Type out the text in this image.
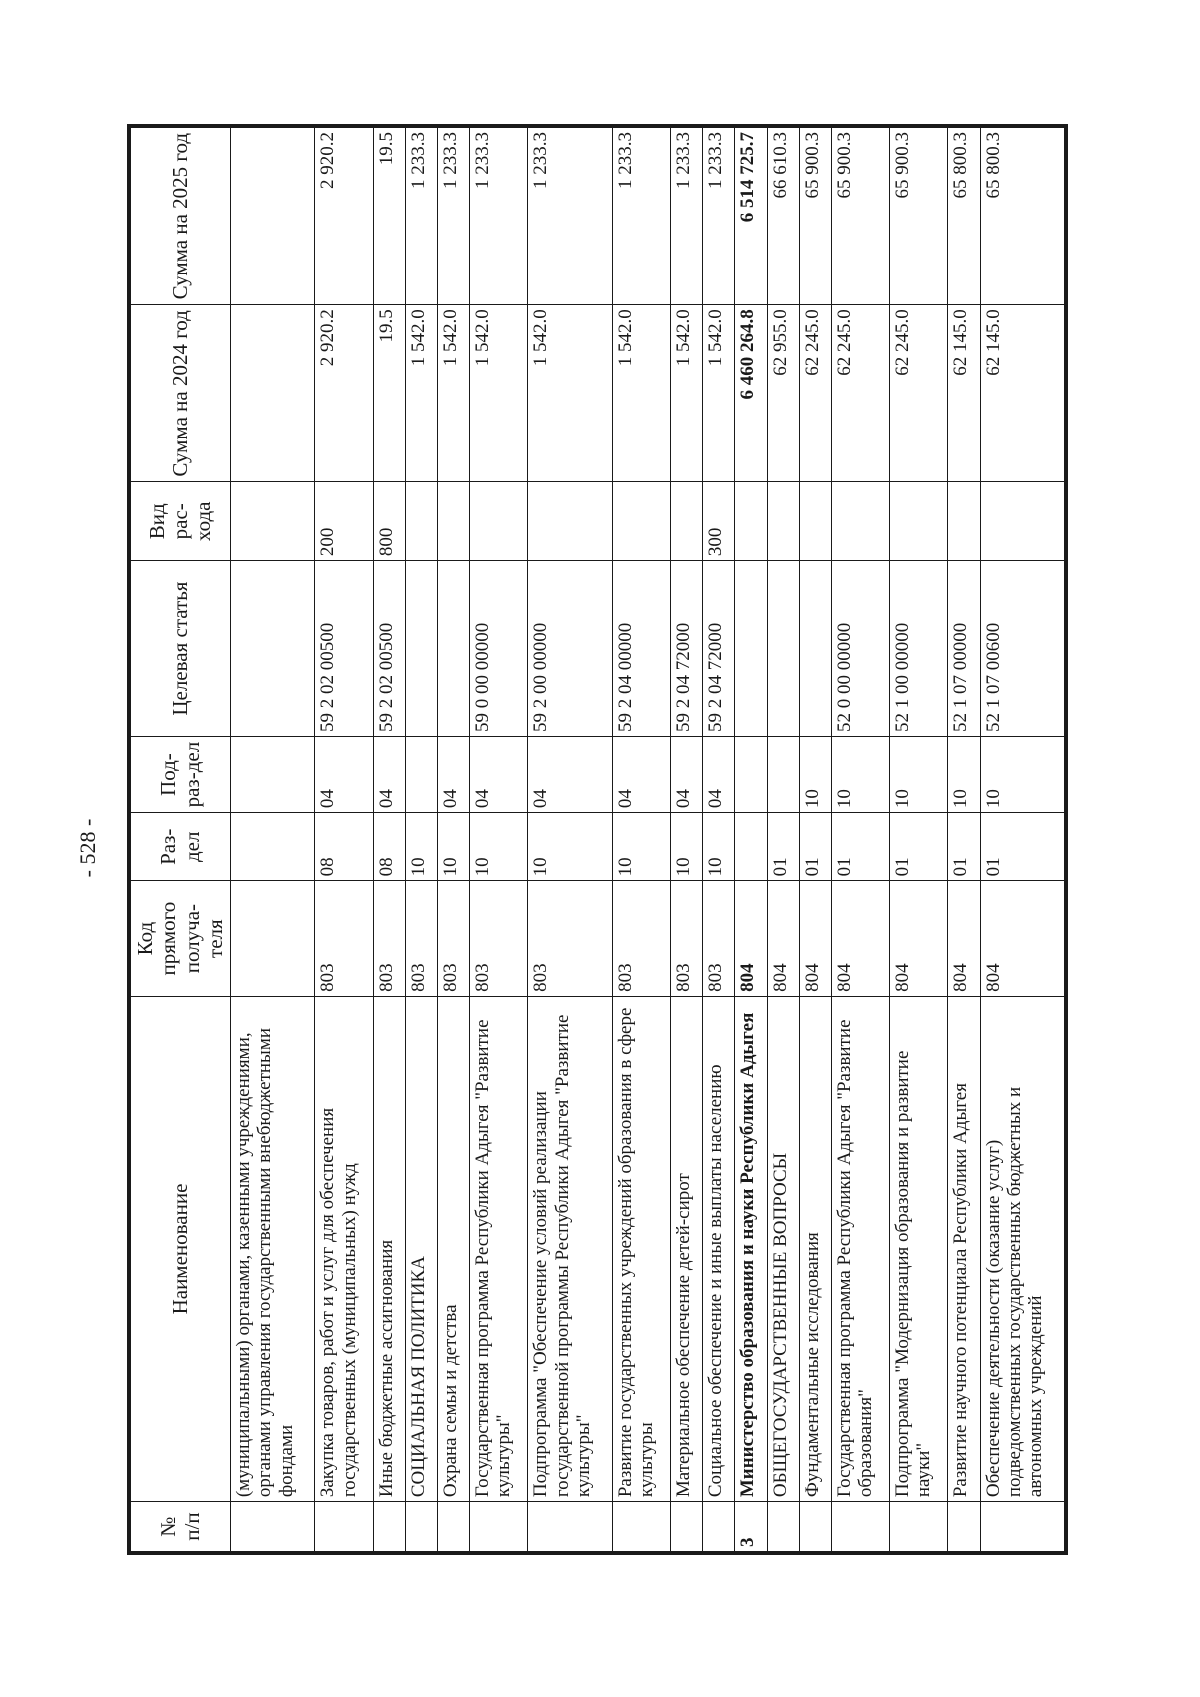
- 528 -
№ п/п	Наименование	Код прямого получа-теля	Раз-дел	Под-раз-дел	Целевая статья	Вид рас-хода	Сумма на 2024 год	Сумма на 2025 год
	(муниципальными) органами, казенными учреждениями, органами управления государственными внебюджетными фондами							
	Закупка товаров, работ и услуг для обеспечения государственных (муниципальных) нужд	803	08	04	59 2 02 00500	200	2 920.2	2 920.2
	Иные бюджетные ассигнования	803	08	04	59 2 02 00500	800	19.5	19.5
	СОЦИАЛЬНАЯ ПОЛИТИКА	803	10				1 542.0	1 233.3
	Охрана семьи и детства	803	10	04			1 542.0	1 233.3
	Государственная программа Республики Адыгея "Развитие культуры"	803	10	04	59 0 00 00000		1 542.0	1 233.3
	Подпрограмма "Обеспечение условий реализации государственной программы Республики Адыгея "Развитие культуры"	803	10	04	59 2 00 00000		1 542.0	1 233.3
	Развитие государственных учреждений образования в сфере культуры	803	10	04	59 2 04 00000		1 542.0	1 233.3
	Материальное обеспечение детей-сирот	803	10	04	59 2 04 72000		1 542.0	1 233.3
	Социальное обеспечение и иные выплаты населению	803	10	04	59 2 04 72000	300	1 542.0	1 233.3
3	Министерство образования и науки Республики Адыгея	804					6 460 264.8	6 514 725.7
	ОБЩЕГОСУДАРСТВЕННЫЕ ВОПРОСЫ	804	01				62 955.0	66 610.3
	Фундаментальные исследования	804	01	10			62 245.0	65 900.3
	Государственная программа Республики Адыгея "Развитие образования"	804	01	10	52 0 00 00000		62 245.0	65 900.3
	Подпрограмма "Модернизация образования и развитие науки"	804	01	10	52 1 00 00000		62 245.0	65 900.3
	Развитие научного потенциала Республики Адыгея	804	01	10	52 1 07 00000		62 145.0	65 800.3
	Обеспечение деятельности (оказание услуг) подведомственных государственных бюджетных и автономных учреждений	804	01	10	52 1 07 00600		62 145.0	65 800.3
